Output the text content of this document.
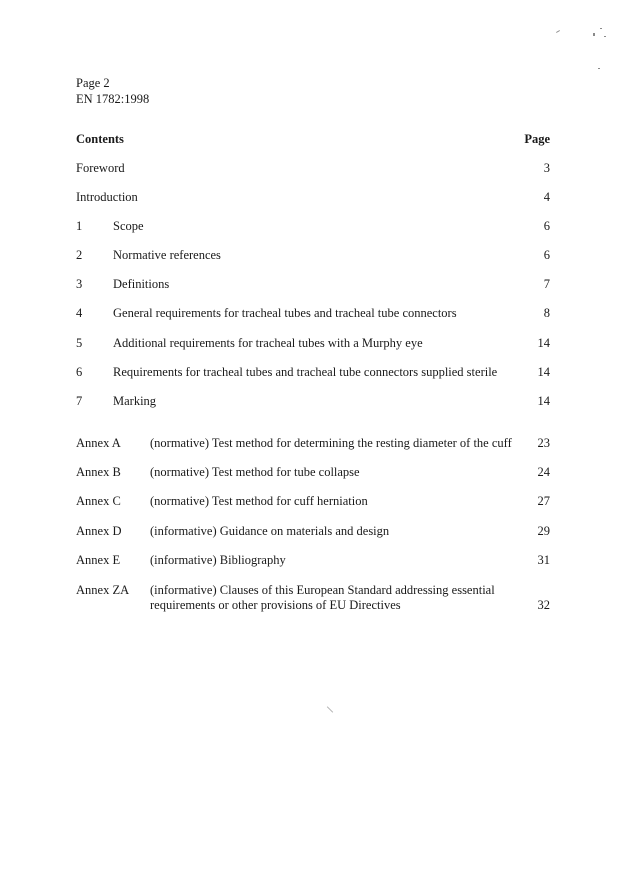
Page 2
EN 1782:1998
Contents	Page
Foreword	3
Introduction	4
1 Scope	6
2 Normative references	6
3 Definitions	7
4 General requirements for tracheal tubes and tracheal tube connectors	8
5 Additional requirements for tracheal tubes with a Murphy eye	14
6 Requirements for tracheal tubes and tracheal tube connectors supplied sterile	14
7 Marking	14
Annex A (normative) Test method for determining the resting diameter of the cuff 23
Annex B (normative) Test method for tube collapse	24
Annex C (normative) Test method for cuff herniation	27
Annex D (informative) Guidance on materials and design	29
Annex E (informative) Bibliography	31
Annex ZA (informative) Clauses of this European Standard addressing essential requirements or other provisions of EU Directives	32
